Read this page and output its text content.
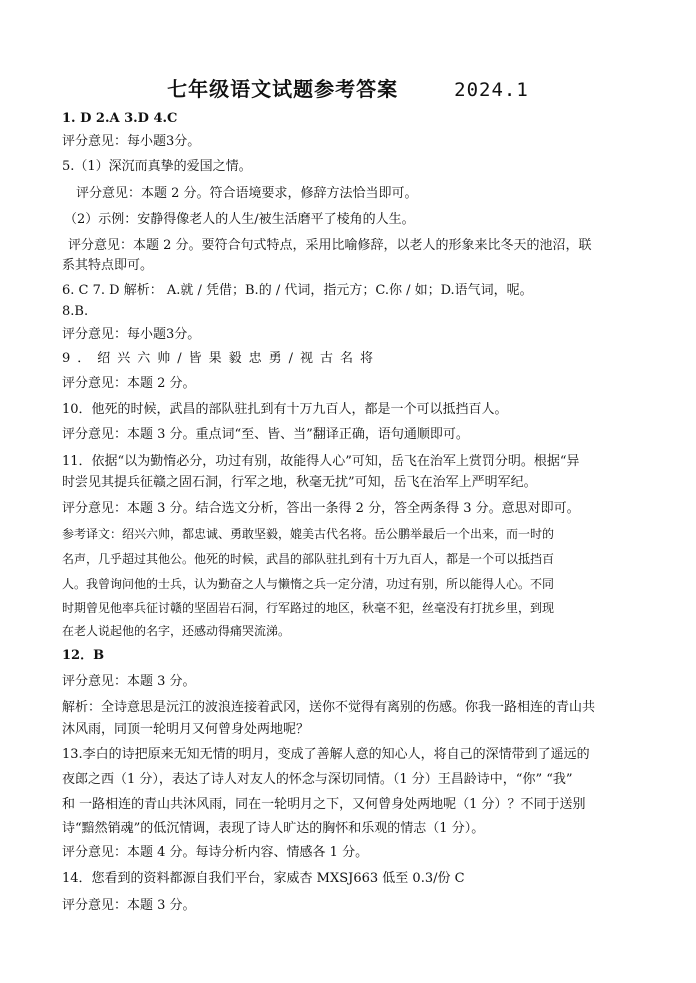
七年级语文试题参考答案	2024.1
1. D 2.A 3.D 4.C
评分意见：每小题3分。
5.（1）深沉而真挚的爱国之情。
评分意见：本题 2 分。符合语境要求，修辞方法恰当即可。
（2）示例：安静得像老人的人生/被生活磨平了棱角的人生。
评分意见：本题 2 分。要符合句式特点，采用比喻修辞，以老人的形象来比冬天的池沼，联
系其特点即可。
6. C 7. D 解析： A.就 / 凭借；B.的 / 代词，指元方；C.你 / 如；D.语气词，呢。
8.B.
评分意见：每小题3分。
9．绍兴六帅/皆果毅忠勇/视古名将
评分意见：本题 2 分。
10．他死的时候，武昌的部队驻扎到有十万九百人，都是一个可以抵挡百人。
评分意见：本题 3 分。重点词“至、皆、当”翻译正确，语句通顺即可。
11．依据“以为勤惰必分，功过有别，故能得人心”可知，岳飞在治军上赏罚分明。根据“异
时尝见其提兵征赣之固石洞，行军之地，秋毫无扰”可知，岳飞在治军上严明军纪。
评分意见：本题 3 分。结合选文分析，答出一条得 2 分，答全两条得 3 分。意思对即可。
参考译文：绍兴六帅，都忠诚、勇敢坚毅，媲美古代名将。岳公鹏举最后一个出来，而一时的
名声，几乎超过其他公。他死的时候，武昌的部队驻扎到有十万九百人，都是一个可以抵挡百
人。我曾询问他的士兵，认为勤奋之人与懒惰之兵一定分清，功过有别，所以能得人心。不同
时期曾见他率兵征讨赣的坚固岩石洞，行军路过的地区，秋毫不犯，丝毫没有打扰乡里，到现
在老人说起他的名字，还感动得痛哭流涕。
12．B
评分意见：本题 3 分。
解析：全诗意思是沅江的波浪连接着武冈，送你不觉得有离别的伤感。你我一路相连的青山共
沐风雨，同顶一轮明月又何曾身处两地呢？
13.李白的诗把原来无知无情的明月，变成了善解人意的知心人，将自己的深情带到了遥远的
夜郎之西（1 分），表达了诗人对友人的怀念与深切同情。（1 分）王昌龄诗中，“你” “我”
和 一路相连的青山共沐风雨，同在一轮明月之下，又何曾身处两地呢（1 分）？不同于送别
诗“黯然销魂”的低沉情调，表现了诗人旷达的胸怀和乐观的情志（1 分）。
评分意见：本题 4 分。每诗分析内容、情感各 1 分。
14．您看到的资料都源自我们平台，家威杏 MXSJ663 低至 0.3/份 C
评分意见：本题 3 分。
